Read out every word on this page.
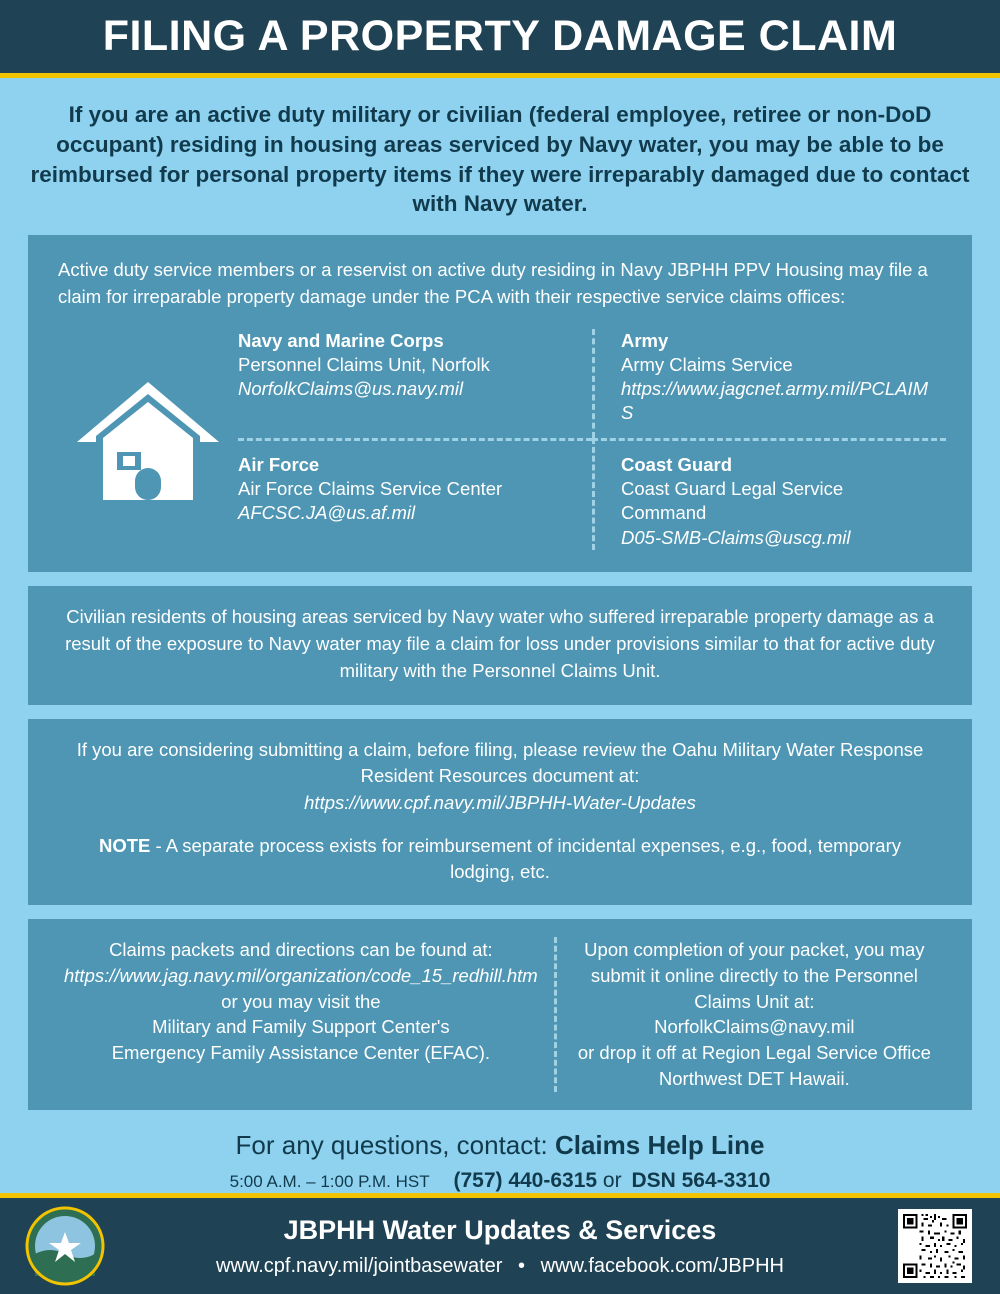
FILING A PROPERTY DAMAGE CLAIM
If you are an active duty military or civilian (federal employee, retiree or non-DoD occupant) residing in housing areas serviced by Navy water, you may be able to be reimbursed for personal property items if they were irreparably damaged due to contact with Navy water.
Active duty service members or a reservist on active duty residing in Navy JBPHH PPV Housing may file a claim for irreparable property damage under the PCA with their respective service claims offices:
Navy and Marine Corps
Personnel Claims Unit, Norfolk
NorfolkClaims@us.navy.mil
Army
Army Claims Service
https://www.jagcnet.army.mil/PCLAIMS
Air Force
Air Force Claims Service Center
AFCSC.JA@us.af.mil
Coast Guard
Coast Guard Legal Service Command
D05-SMB-Claims@uscg.mil
Civilian residents of housing areas serviced by Navy water who suffered irreparable property damage as a result of the exposure to Navy water may file a claim for loss under provisions similar to that for active duty military with the Personnel Claims Unit.
If you are considering submitting a claim, before filing, please review the Oahu Military Water Response Resident Resources document at:
https://www.cpf.navy.mil/JBPHH-Water-Updates
NOTE - A separate process exists for reimbursement of incidental expenses, e.g., food, temporary lodging, etc.
Claims packets and directions can be found at:
https://www.jag.navy.mil/organization/code_15_redhill.htm
or you may visit the
Military and Family Support Center's
Emergency Family Assistance Center (EFAC).
Upon completion of your packet, you may submit it online directly to the Personnel Claims Unit at:
NorfolkClaims@navy.mil
or drop it off at Region Legal Service Office Northwest DET Hawaii.
For any questions, contact: Claims Help Line
5:00 A.M. – 1:00 P.M. HST (757) 440-6315 or DSN 564-3310
JBPHH Water Updates & Services
www.cpf.navy.mil/jointbasewater • www.facebook.com/JBPHH
